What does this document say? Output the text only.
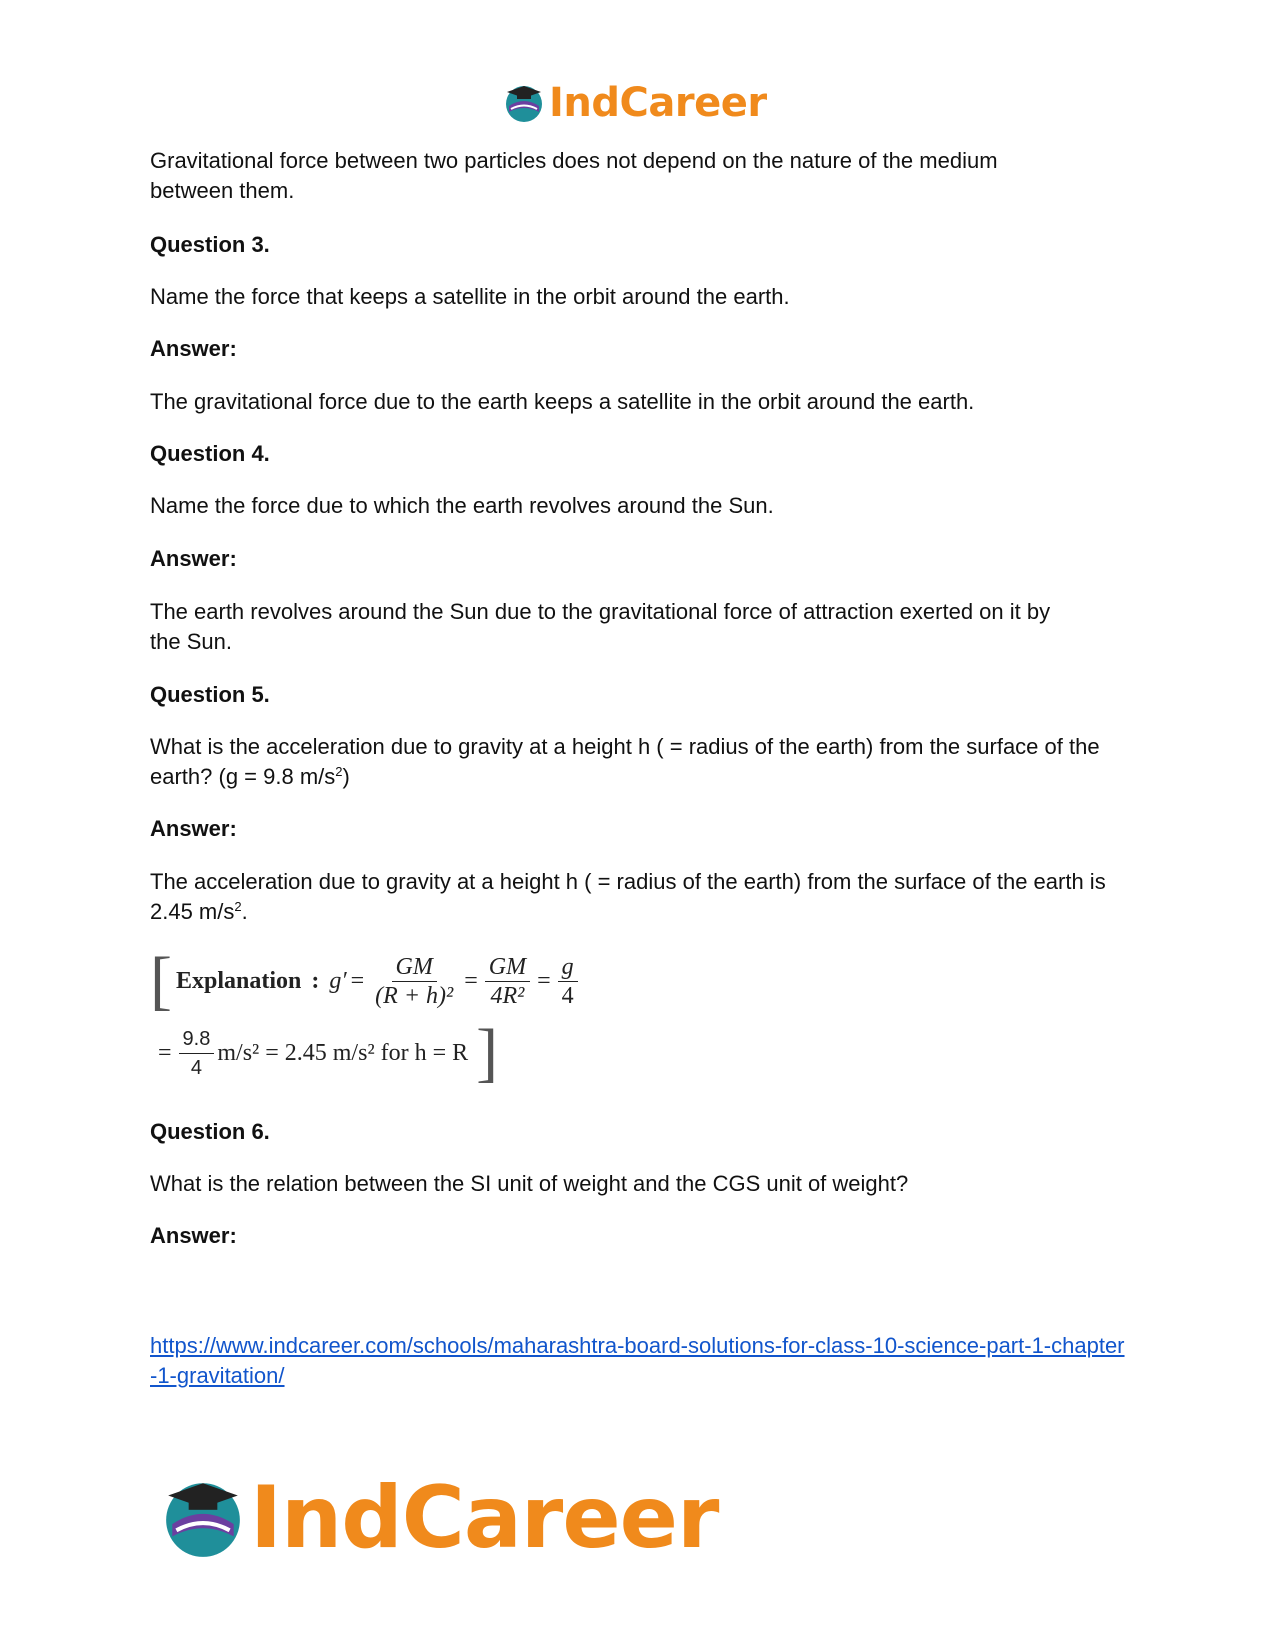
IndCareer

Gravitational force between two particles does not depend on the nature of the medium between them.

Question 3.

Name the force that keeps a satellite in the orbit around the earth.

Answer:

The gravitational force due to the earth keeps a satellite in the orbit around the earth.

Question 4.

Name the force due to which the earth revolves around the Sun.

Answer:

The earth revolves around the Sun due to the gravitational force of attraction exerted on it by the Sun.

Question 5.

What is the acceleration due to gravity at a height h ( = radius of the earth) from the surface of the earth? (g = 9.8 $m/s^2$)

Answer:

The acceleration due to gravity at a height h ( = radius of the earth) from the surface of the earth is 2.45 $m/s^2$.

[ Explanation : $g' = \frac{GM}{\text{(R + h)²}} = \frac{GM}{\text{4R²}} = \frac{g}{4}$
= $\frac{9.8}{4} m/s^2 = 2.45$ m/s² for h = R ]

Question 6.

What is the relation between the SI unit of weight and the CGS unit of weight?

Answer:

https://www.indcareer.com/schools/maharashtra-board-solutions-for-class-10-science-part-1-chapter-1-gravitation/
IndCareer
